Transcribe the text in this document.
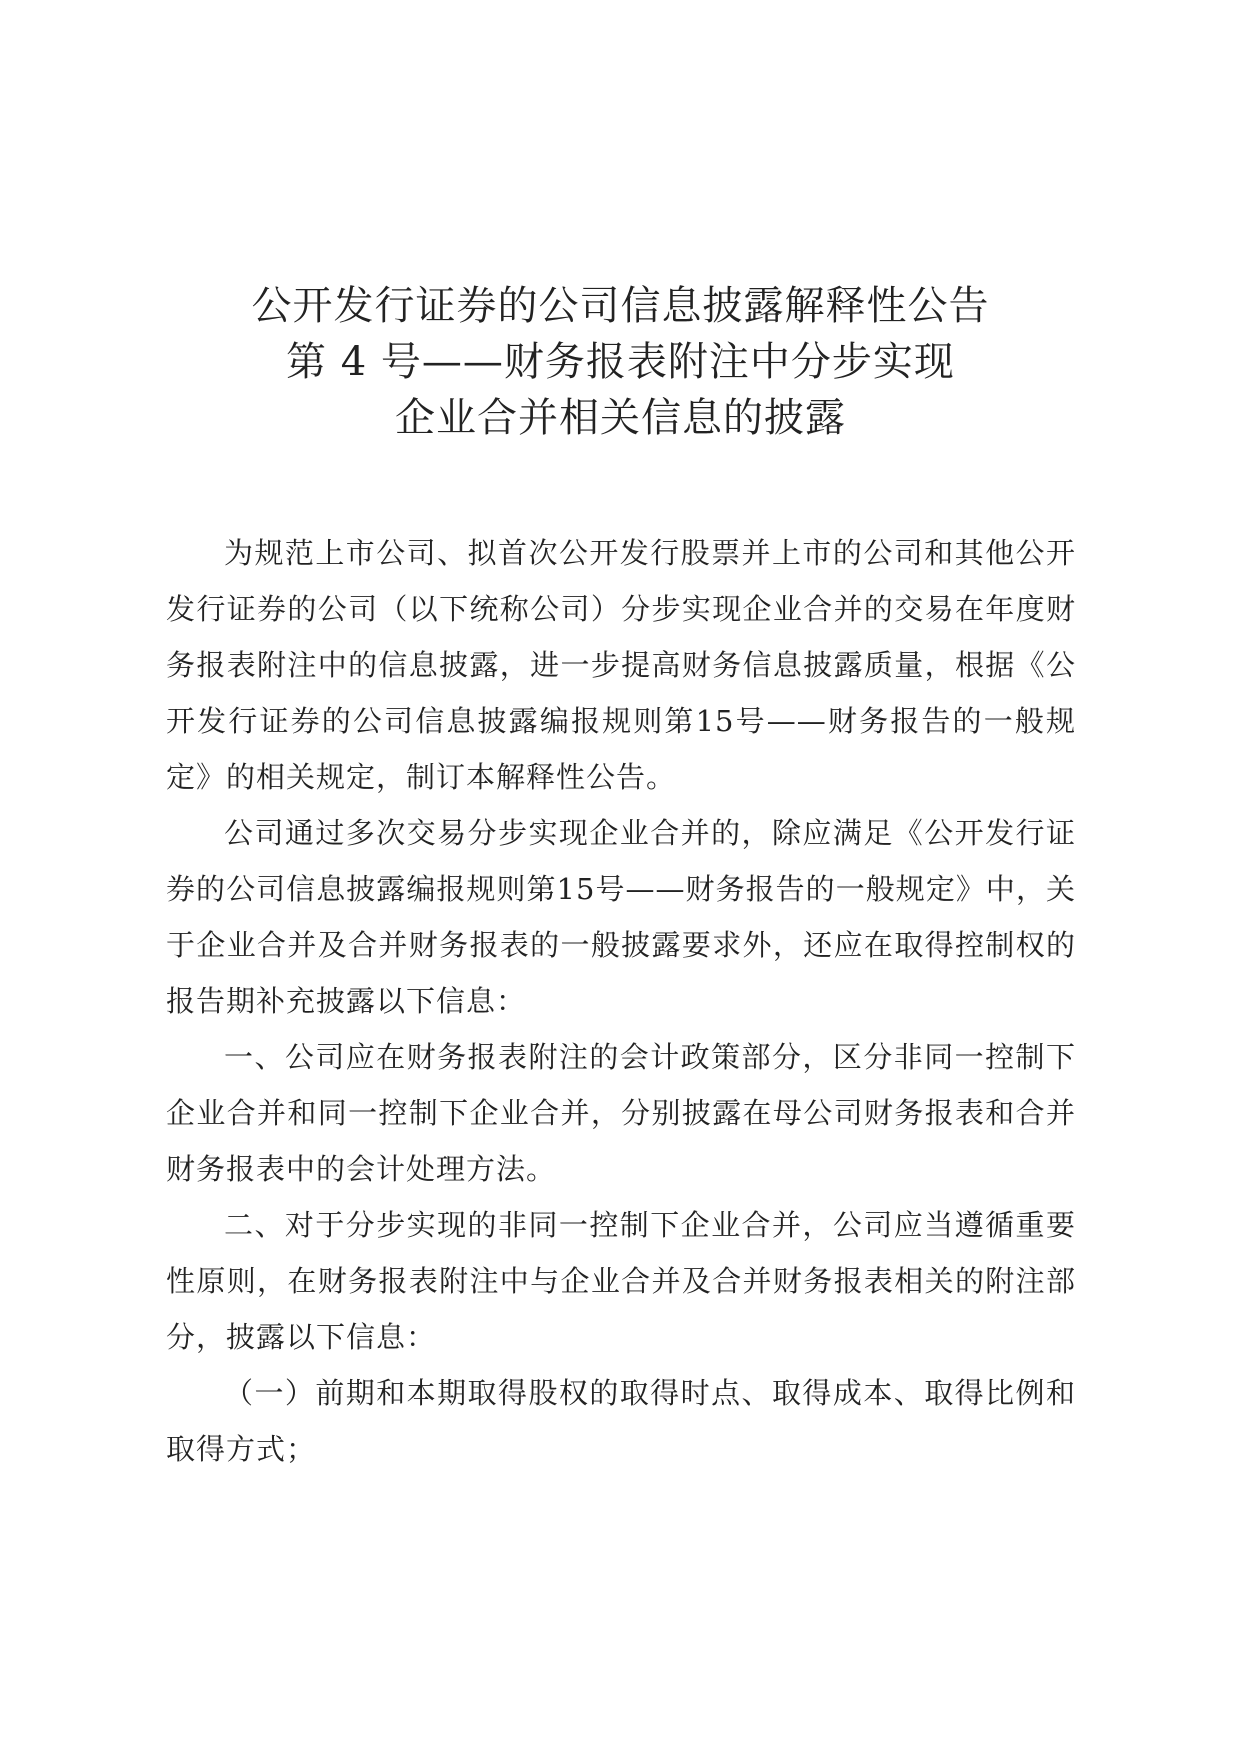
公开发行证券的公司信息披露解释性公告
第 4 号——财务报表附注中分步实现
企业合并相关信息的披露

为规范上市公司、拟首次公开发行股票并上市的公司和其他公开发行证券的公司（以下统称公司）分步实现企业合并的交易在年度财务报表附注中的信息披露，进一步提高财务信息披露质量，根据《公开发行证券的公司信息披露编报规则第15号——财务报告的一般规定》的相关规定，制订本解释性公告。

公司通过多次交易分步实现企业合并的，除应满足《公开发行证券的公司信息披露编报规则第15号——财务报告的一般规定》中，关于企业合并及合并财务报表的一般披露要求外，还应在取得控制权的报告期补充披露以下信息：

一、公司应在财务报表附注的会计政策部分，区分非同一控制下企业合并和同一控制下企业合并，分别披露在母公司财务报表和合并财务报表中的会计处理方法。

二、对于分步实现的非同一控制下企业合并，公司应当遵循重要性原则，在财务报表附注中与企业合并及合并财务报表相关的附注部分，披露以下信息：

（一）前期和本期取得股权的取得时点、取得成本、取得比例和取得方式；
